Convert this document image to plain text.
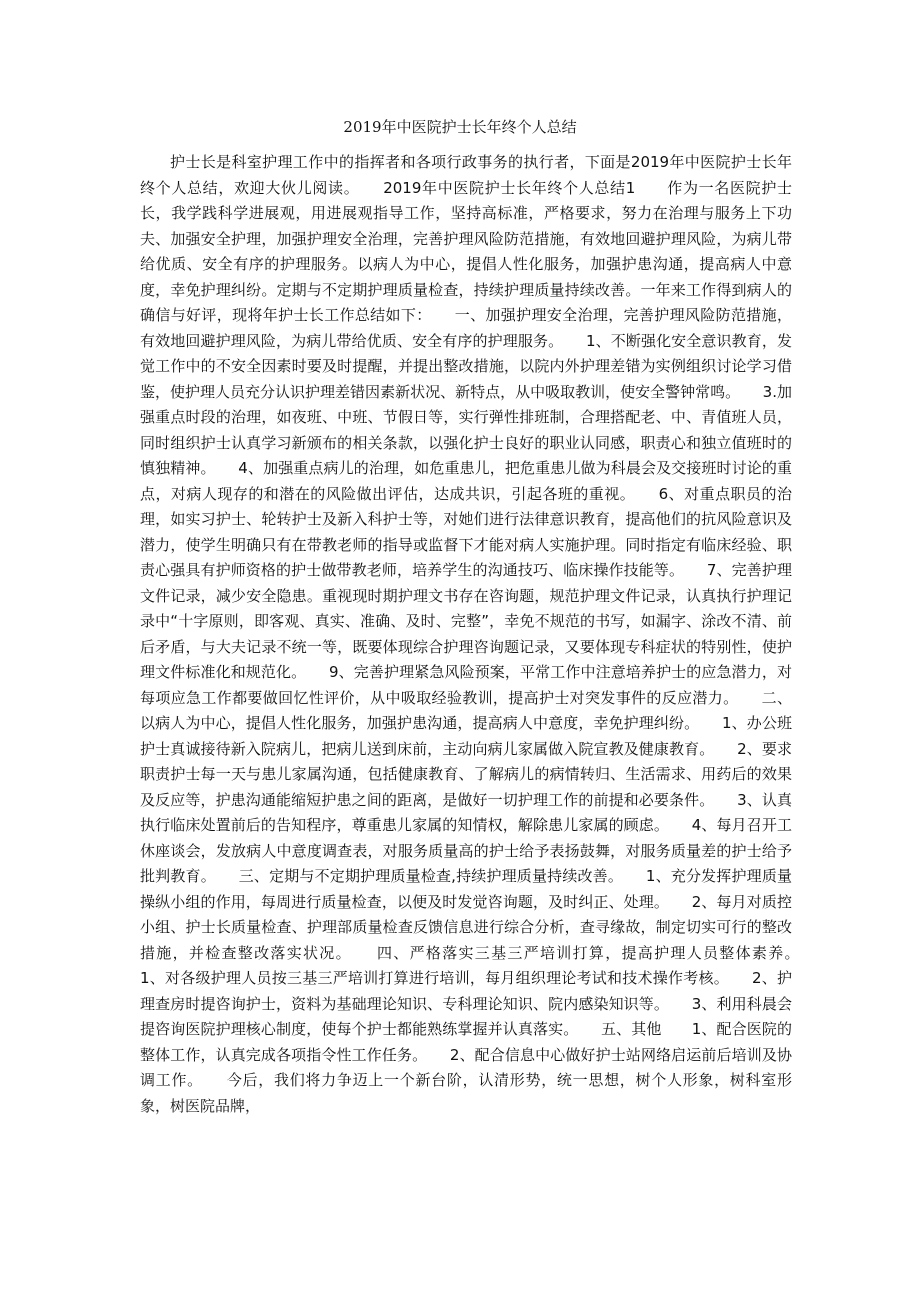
2019年中医院护士长年终个人总结

护士长是科室护理工作中的指挥者和各项行政事务的执行者，下面是2019年中医院护士长年终个人总结，欢迎大伙儿阅读。　　2019年中医院护士长年终个人总结1　　作为一名医院护士长，我学践科学进展观，用进展观指导工作，坚持高标准，严格要求，努力在治理与服务上下功夫、加强安全护理，加强护理安全治理，完善护理风险防范措施，有效地回避护理风险，为病儿带给优质、安全有序的护理服务。以病人为中心，提倡人性化服务，加强护患沟通，提高病人中意度，幸免护理纠纷。定期与不定期护理质量检查，持续护理质量持续改善。一年来工作得到病人的确信与好评，现将年护士长工作总结如下：　　一、加强护理安全治理，完善护理风险防范措施，有效地回避护理风险，为病儿带给优质、安全有序的护理服务。　　1、不断强化安全意识教育，发觉工作中的不安全因素时要及时提醒，并提出整改措施，以院内外护理差错为实例组织讨论学习借鉴，使护理人员充分认识护理差错因素新状况、新特点，从中吸取教训，使安全警钟常鸣。　　3.加强重点时段的治理，如夜班、中班、节假日等，实行弹性排班制，合理搭配老、中、青值班人员，同时组织护士认真学习新颁布的相关条款，以强化护士良好的职业认同感，职责心和独立值班时的慎独精神。　　4、加强重点病儿的治理，如危重患儿，把危重患儿做为科晨会及交接班时讨论的重点，对病人现存的和潜在的风险做出评估，达成共识，引起各班的重视。　　6、对重点职员的治理，如实习护士、轮转护士及新入科护士等，对她们进行法律意识教育，提高他们的抗风险意识及潜力，使学生明确只有在带教老师的指导或监督下才能对病人实施护理。同时指定有临床经验、职责心强具有护师资格的护士做带教老师，培养学生的沟通技巧、临床操作技能等。　　7、完善护理文件记录，减少安全隐患。重视现时期护理文书存在咨询题，规范护理文件记录，认真执行护理记录中“十字原则，即客观、真实、准确、及时、完整”，幸免不规范的书写，如漏字、涂改不清、前后矛盾，与大夫记录不统一等，既要体现综合护理咨询题记录，又要体现专科症状的特别性，使护理文件标准化和规范化。　　9、完善护理紧急风险预案，平常工作中注意培养护士的应急潜力，对每项应急工作都要做回忆性评价，从中吸取经验教训，提高护士对突发事件的反应潜力。　　二、以病人为中心，提倡人性化服务，加强护患沟通，提高病人中意度，幸免护理纠纷。　　1、办公班护士真诚接待新入院病儿，把病儿送到床前，主动向病儿家属做入院宣教及健康教育。　　2、要求职责护士每一天与患儿家属沟通，包括健康教育、了解病儿的病情转归、生活需求、用药后的效果及反应等，护患沟通能缩短护患之间的距离，是做好一切护理工作的前提和必要条件。　　3、认真执行临床处置前后的告知程序，尊重患儿家属的知情权，解除患儿家属的顾虑。　　4、每月召开工休座谈会，发放病人中意度调查表，对服务质量高的护士给予表扬鼓舞，对服务质量差的护士给予批判教育。　　三、定期与不定期护理质量检查,持续护理质量持续改善。　　1、充分发挥护理质量操纵小组的作用，每周进行质量检查，以便及时发觉咨询题，及时纠正、处理。　　2、每月对质控小组、护士长质量检查、护理部质量检查反馈信息进行综合分析，查寻缘故，制定切实可行的整改措施，并检查整改落实状况。　　四、严格落实三基三严培训打算，提高护理人员整体素养。　　1、对各级护理人员按三基三严培训打算进行培训，每月组织理论考试和技术操作考核。　　2、护理查房时提咨询护士，资料为基础理论知识、专科理论知识、院内感染知识等。　　3、利用科晨会提咨询医院护理核心制度，使每个护士都能熟练掌握并认真落实。　　五、其他　　1、配合医院的整体工作，认真完成各项指令性工作任务。　　2、配合信息中心做好护士站网络启运前后培训及协调工作。　　今后，我们将力争迈上一个新台阶，认清形势，统一思想，树个人形象，树科室形象，树医院品牌，
